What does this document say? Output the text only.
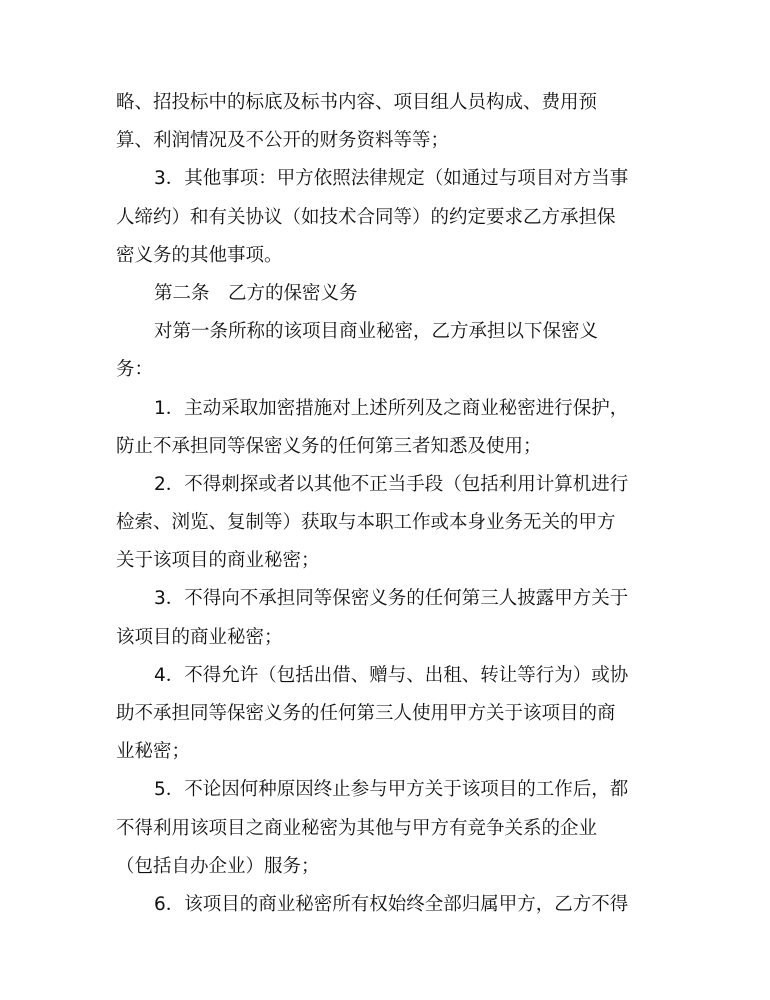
略、招投标中的标底及标书内容、项目组人员构成、费用预
算、利润情况及不公开的财务资料等等；
3．其他事项：甲方依照法律规定（如通过与项目对方当事
人缔约）和有关协议（如技术合同等）的约定要求乙方承担保
密义务的其他事项。
第二条　乙方的保密义务
对第一条所称的该项目商业秘密，乙方承担以下保密义
务：
1．主动采取加密措施对上述所列及之商业秘密进行保护，
防止不承担同等保密义务的任何第三者知悉及使用；
2．不得刺探或者以其他不正当手段（包括利用计算机进行
检索、浏览、复制等）获取与本职工作或本身业务无关的甲方
关于该项目的商业秘密；
3．不得向不承担同等保密义务的任何第三人披露甲方关于
该项目的商业秘密；
4．不得允许（包括出借、赠与、出租、转让等行为）或协
助不承担同等保密义务的任何第三人使用甲方关于该项目的商
业秘密；
5．不论因何种原因终止参与甲方关于该项目的工作后，都
不得利用该项目之商业秘密为其他与甲方有竞争关系的企业
（包括自办企业）服务；
6．该项目的商业秘密所有权始终全部归属甲方，乙方不得
